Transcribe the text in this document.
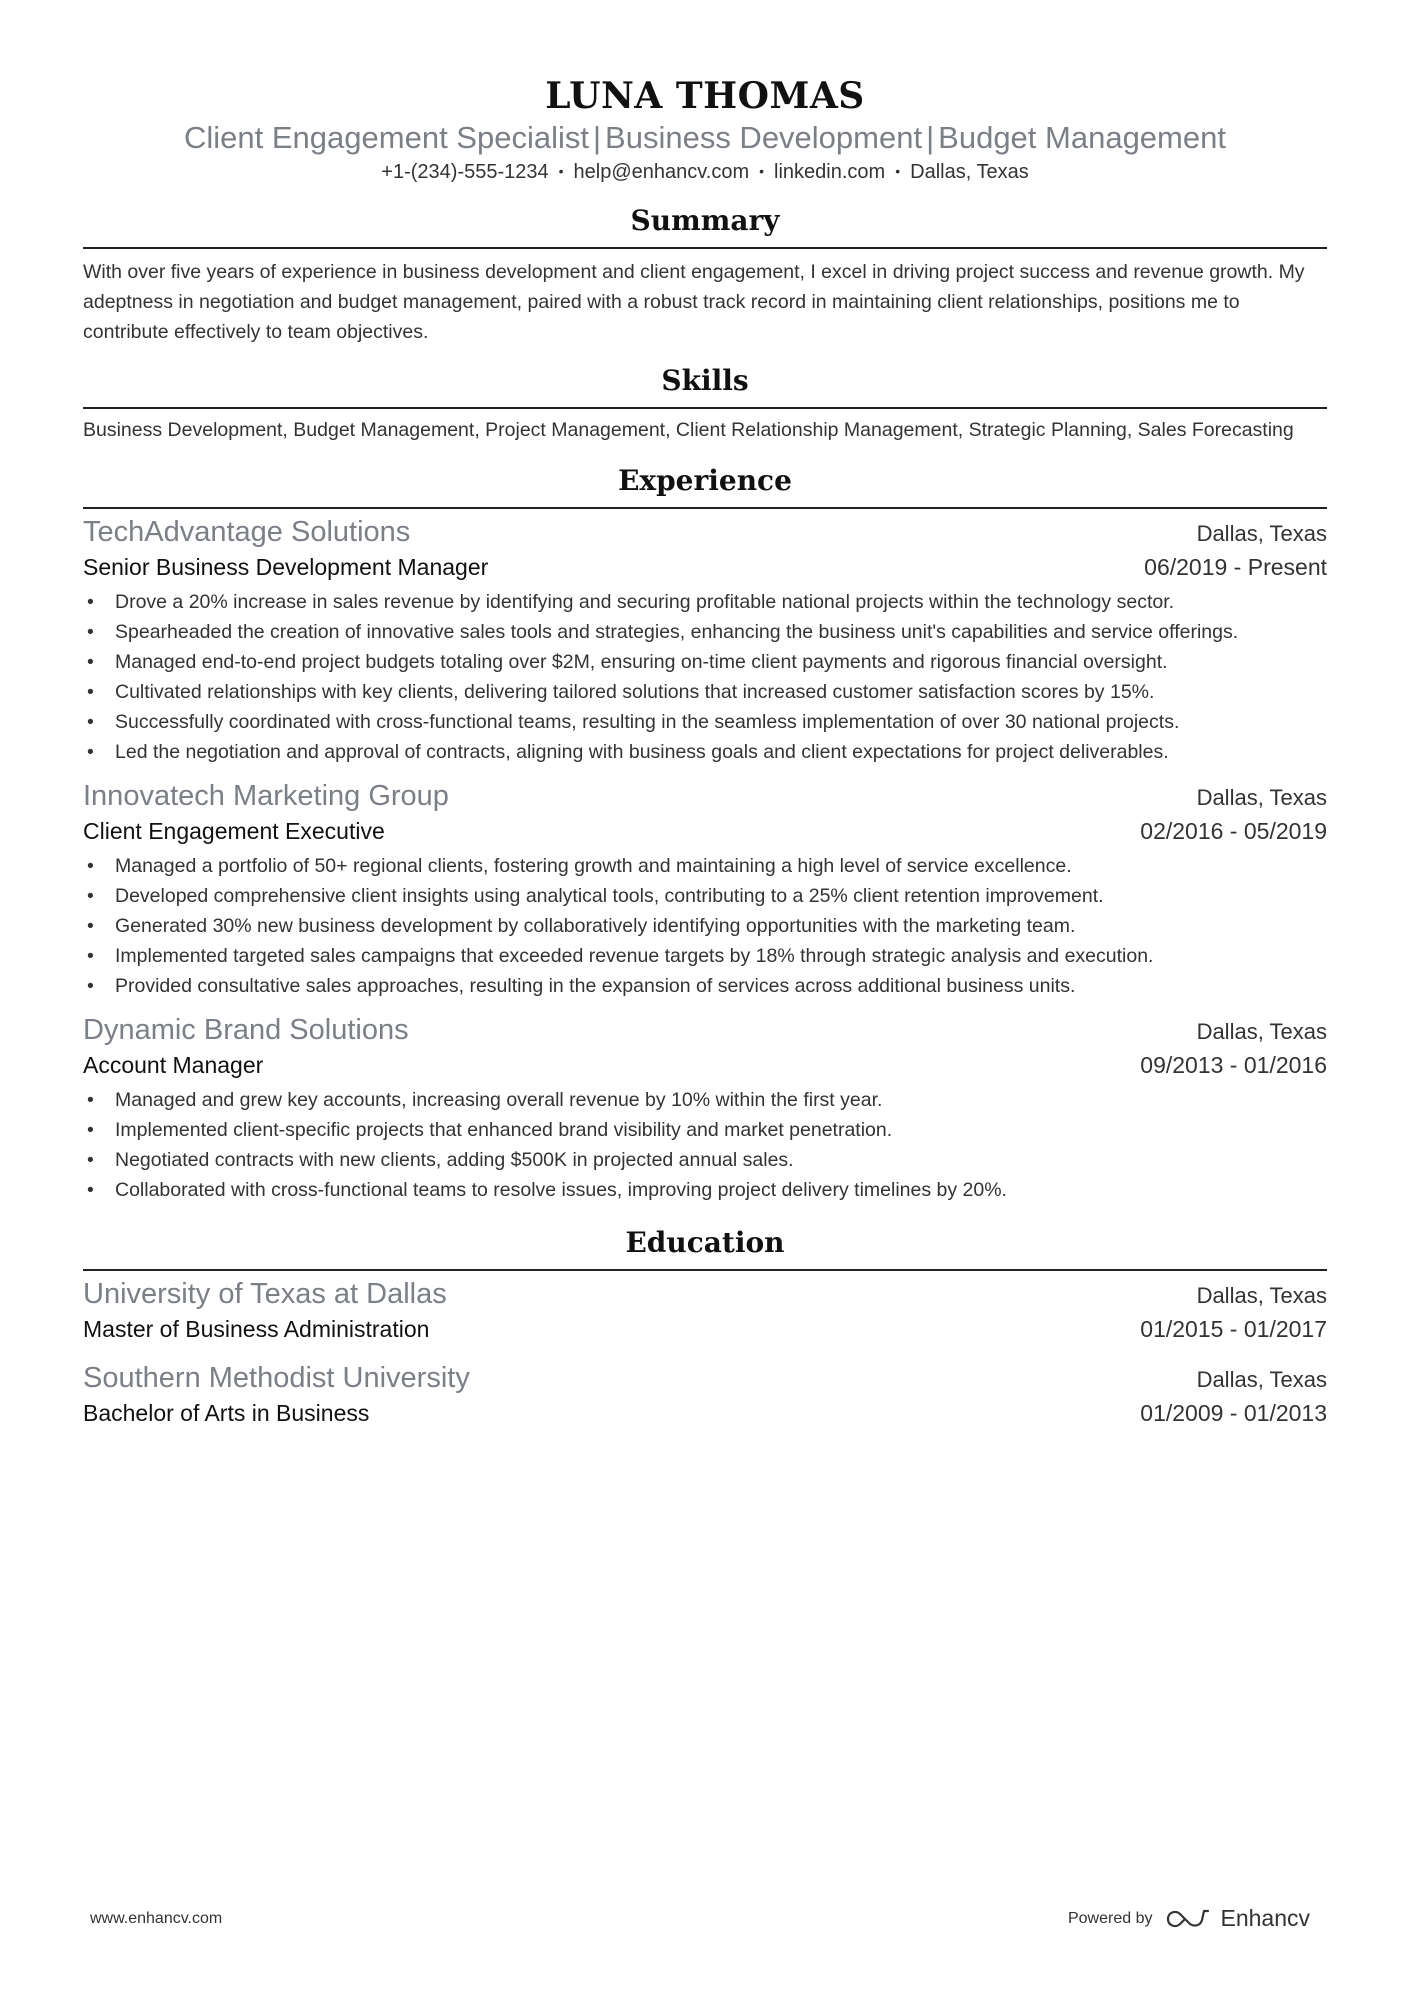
LUNA THOMAS
Client Engagement Specialist | Business Development | Budget Management
+1-(234)-555-1234 • help@enhancv.com • linkedin.com • Dallas, Texas
Summary
With over five years of experience in business development and client engagement, I excel in driving project success and revenue growth. My adeptness in negotiation and budget management, paired with a robust track record in maintaining client relationships, positions me to contribute effectively to team objectives.
Skills
Business Development, Budget Management, Project Management, Client Relationship Management, Strategic Planning, Sales Forecasting
Experience
TechAdvantage Solutions	Dallas, Texas
Senior Business Development Manager	06/2019 - Present
• Drove a 20% increase in sales revenue by identifying and securing profitable national projects within the technology sector.
• Spearheaded the creation of innovative sales tools and strategies, enhancing the business unit's capabilities and service offerings.
• Managed end-to-end project budgets totaling over $2M, ensuring on-time client payments and rigorous financial oversight.
• Cultivated relationships with key clients, delivering tailored solutions that increased customer satisfaction scores by 15%.
• Successfully coordinated with cross-functional teams, resulting in the seamless implementation of over 30 national projects.
• Led the negotiation and approval of contracts, aligning with business goals and client expectations for project deliverables.
Innovatech Marketing Group	Dallas, Texas
Client Engagement Executive	02/2016 - 05/2019
• Managed a portfolio of 50+ regional clients, fostering growth and maintaining a high level of service excellence.
• Developed comprehensive client insights using analytical tools, contributing to a 25% client retention improvement.
• Generated 30% new business development by collaboratively identifying opportunities with the marketing team.
• Implemented targeted sales campaigns that exceeded revenue targets by 18% through strategic analysis and execution.
• Provided consultative sales approaches, resulting in the expansion of services across additional business units.
Dynamic Brand Solutions	Dallas, Texas
Account Manager	09/2013 - 01/2016
• Managed and grew key accounts, increasing overall revenue by 10% within the first year.
• Implemented client-specific projects that enhanced brand visibility and market penetration.
• Negotiated contracts with new clients, adding $500K in projected annual sales.
• Collaborated with cross-functional teams to resolve issues, improving project delivery timelines by 20%.
Education
University of Texas at Dallas	Dallas, Texas
Master of Business Administration	01/2015 - 01/2017
Southern Methodist University	Dallas, Texas
Bachelor of Arts in Business	01/2009 - 01/2013
www.enhancv.com	Powered by	Enhancv
